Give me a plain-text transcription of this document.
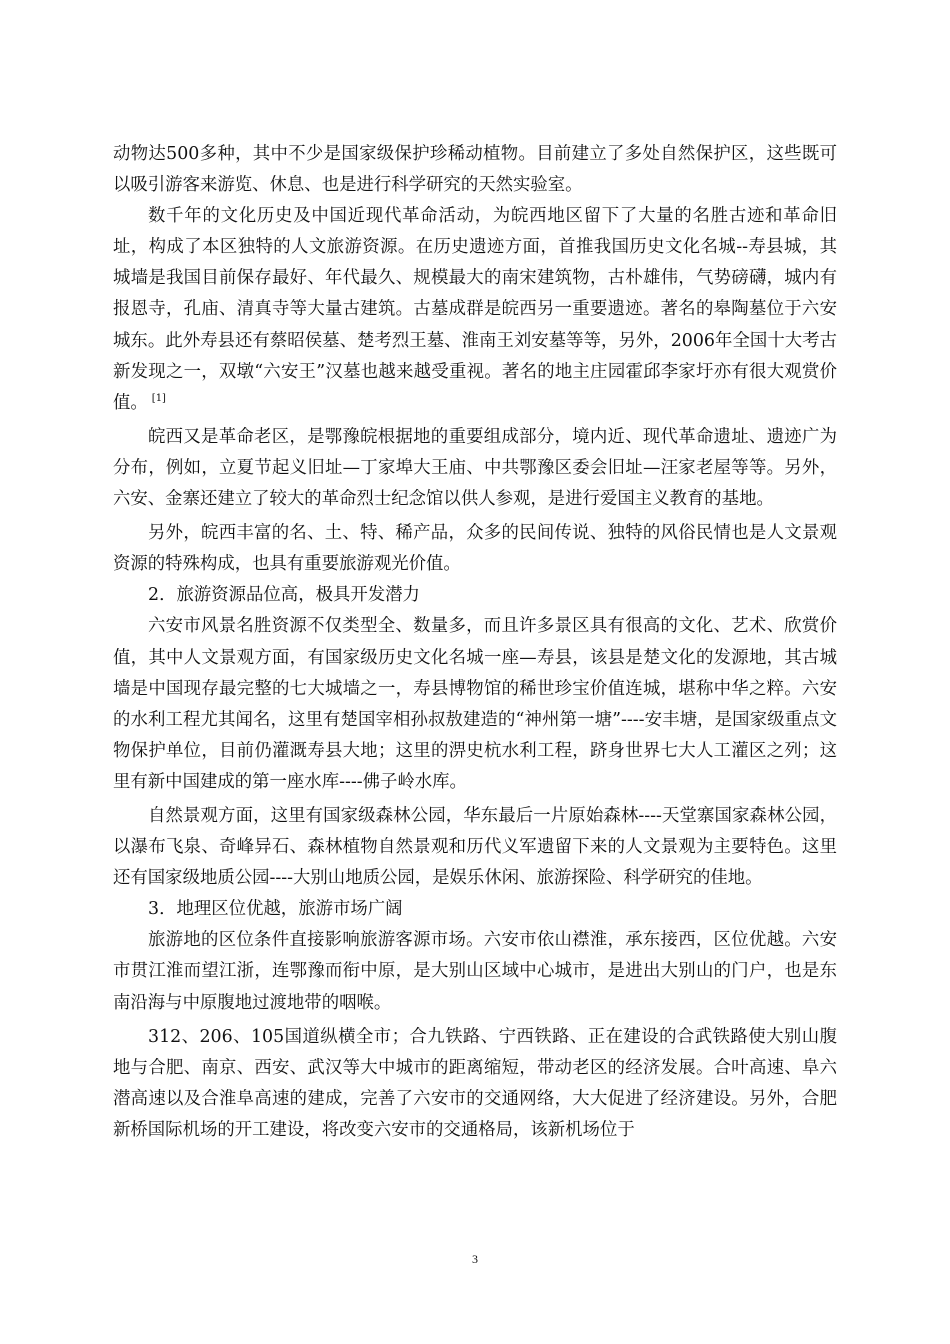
动物达500多种，其中不少是国家级保护珍稀动植物。目前建立了多处自然保护区，这些既可以吸引游客来游览、休息、也是进行科学研究的天然实验室。

数千年的文化历史及中国近现代革命活动，为皖西地区留下了大量的名胜古迹和革命旧址，构成了本区独特的人文旅游资源。在历史遗迹方面，首推我国历史文化名城--寿县城，其城墙是我国目前保存最好、年代最久、规模最大的南宋建筑物，古朴雄伟，气势磅礴，城内有报恩寺，孔庙、清真寺等大量古建筑。古墓成群是皖西另一重要遗迹。著名的皋陶墓位于六安城东。此外寿县还有蔡昭侯墓、楚考烈王墓、淮南王刘安墓等等，另外，2006年全国十大考古新发现之一，双墩“六安王”汉墓也越来越受重视。著名的地主庄园霍邱李家圩亦有很大观赏价值。 [1]

皖西又是革命老区，是鄂豫皖根据地的重要组成部分，境内近、现代革命遗址、遗迹广为分布，例如，立夏节起义旧址—丁家埠大王庙、中共鄂豫区委会旧址—汪家老屋等等。另外，六安、金寨还建立了较大的革命烈士纪念馆以供人参观，是进行爱国主义教育的基地。

另外，皖西丰富的名、土、特、稀产品，众多的民间传说、独特的风俗民情也是人文景观资源的特殊构成，也具有重要旅游观光价值。

2．旅游资源品位高，极具开发潜力

六安市风景名胜资源不仅类型全、数量多，而且许多景区具有很高的文化、艺术、欣赏价值，其中人文景观方面，有国家级历史文化名城一座—寿县，该县是楚文化的发源地，其古城墙是中国现存最完整的七大城墙之一，寿县博物馆的稀世珍宝价值连城，堪称中华之粹。六安的水利工程尤其闻名，这里有楚国宰相孙叔敖建造的“神州第一塘”----安丰塘，是国家级重点文物保护单位，目前仍灌溉寿县大地；这里的淠史杭水利工程，跻身世界七大人工灌区之列；这里有新中国建成的第一座水库----佛子岭水库。

自然景观方面，这里有国家级森林公园，华东最后一片原始森林----天堂寨国家森林公园，以瀑布飞泉、奇峰异石、森林植物自然景观和历代义军遗留下来的人文景观为主要特色。这里还有国家级地质公园----大别山地质公园，是娱乐休闲、旅游探险、科学研究的佳地。

3．地理区位优越，旅游市场广阔

旅游地的区位条件直接影响旅游客源市场。六安市依山襟淮，承东接西，区位优越。六安市贯江淮而望江浙，连鄂豫而衔中原，是大别山区域中心城市，是进出大别山的门户，也是东南沿海与中原腹地过渡地带的咽喉。

312、206、105国道纵横全市；合九铁路、宁西铁路、正在建设的合武铁路使大别山腹地与合肥、南京、西安、武汉等大中城市的距离缩短，带动老区的经济发展。合叶高速、阜六潜高速以及合淮阜高速的建成，完善了六安市的交通网络，大大促进了经济建设。另外，合肥新桥国际机场的开工建设，将改变六安市的交通格局，该新机场位于

3
